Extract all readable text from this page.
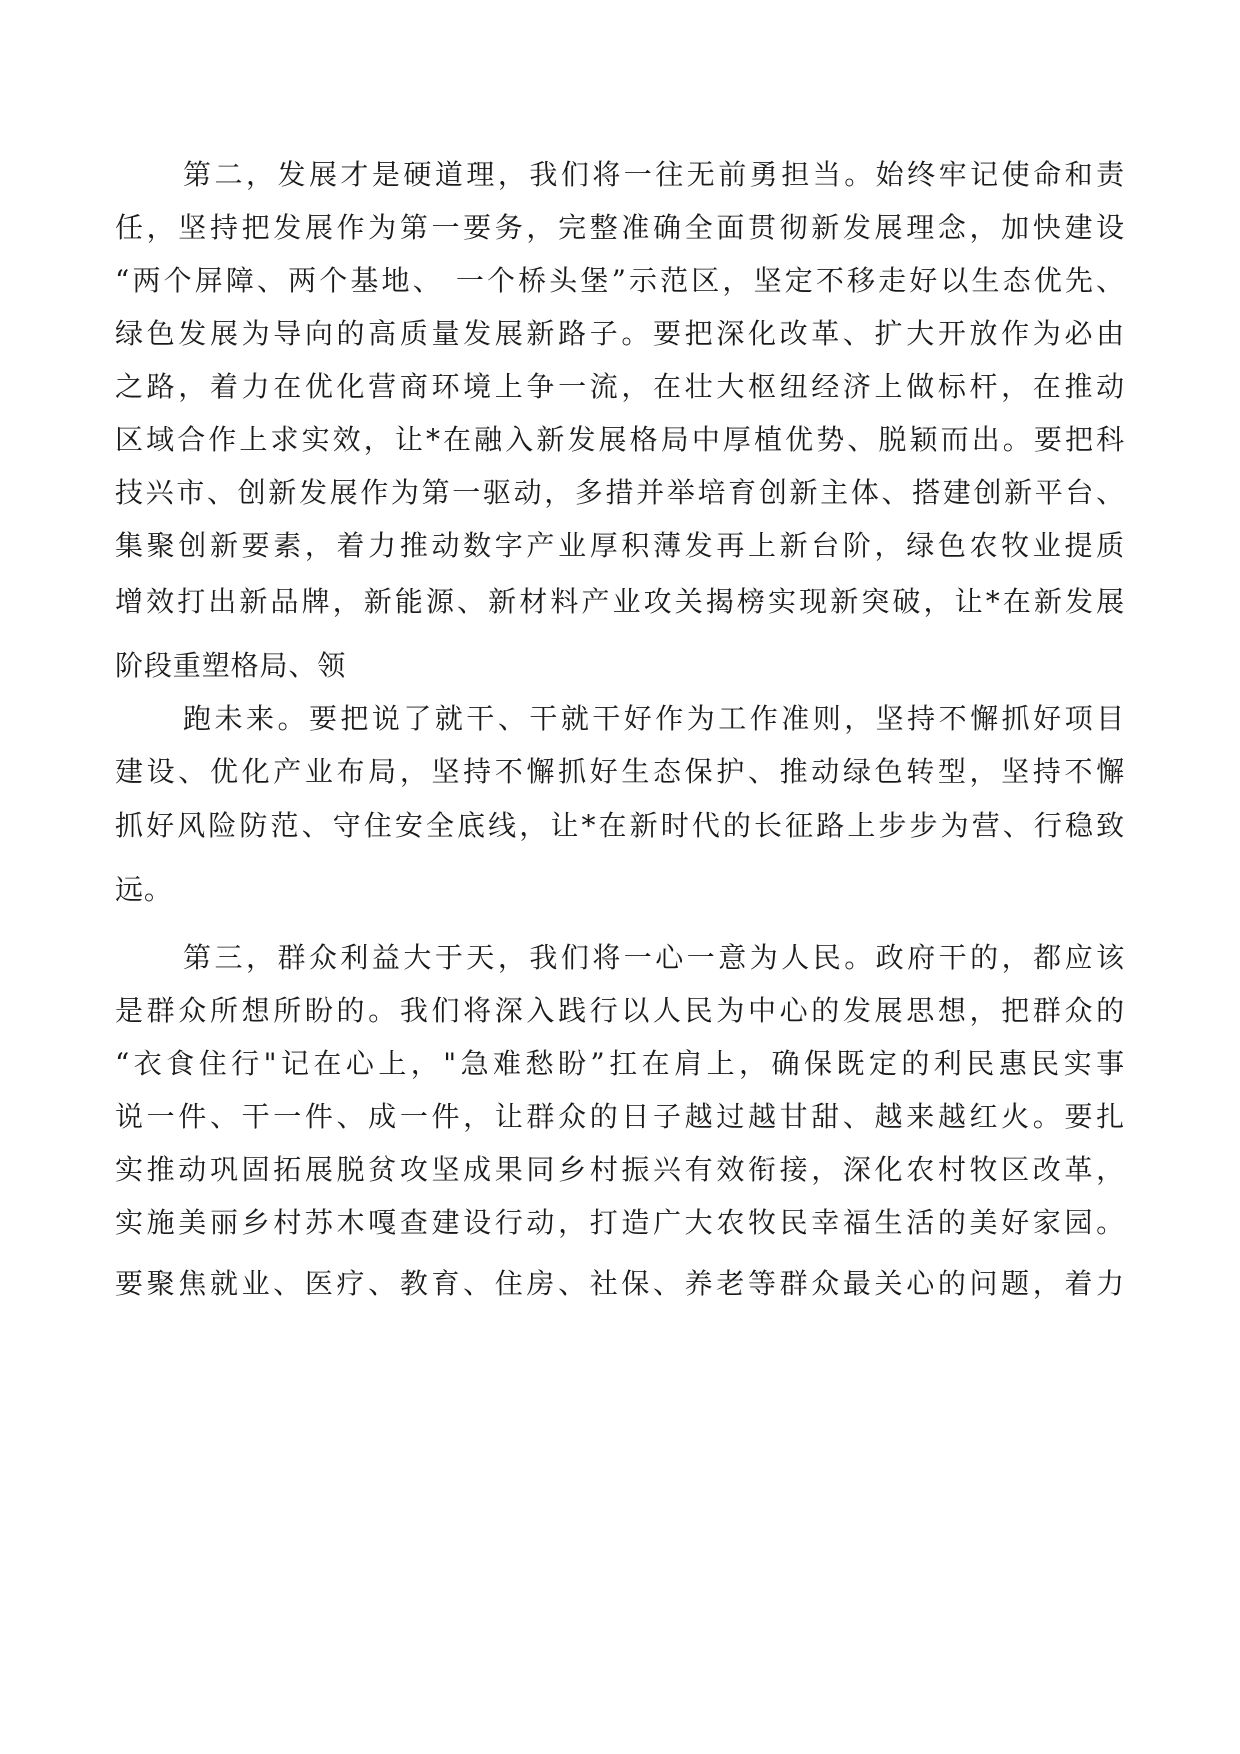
第二，发展才是硬道理，我们将一往无前勇担当。始终牢记使命和责
任，坚持把发展作为第一要务，完整准确全面贯彻新发展理念，加快建设
“两个屏障、两个基地、 一个桥头堡”示范区，坚定不移走好以生态优先、
绿色发展为导向的高质量发展新路子。要把深化改革、扩大开放作为必由
之路，着力在优化营商环境上争一流，在壮大枢纽经济上做标杆，在推动
区域合作上求实效，让*在融入新发展格局中厚植优势、脱颖而出。要把科
技兴市、创新发展作为第一驱动，多措并举培育创新主体、搭建创新平台、
集聚创新要素，着力推动数字产业厚积薄发再上新台阶，绿色农牧业提质
增效打出新品牌，新能源、新材料产业攻关揭榜实现新突破，让*在新发展
阶段重塑格局、领
跑未来。要把说了就干、干就干好作为工作准则，坚持不懈抓好项目
建设、优化产业布局，坚持不懈抓好生态保护、推动绿色转型，坚持不懈
抓好风险防范、守住安全底线，让*在新时代的长征路上步步为营、行稳致
远。
第三，群众利益大于天，我们将一心一意为人民。政府干的，都应该
是群众所想所盼的。我们将深入践行以人民为中心的发展思想，把群众的
“衣食住行"记在心上，"急难愁盼”扛在肩上，确保既定的利民惠民实事
说一件、干一件、成一件，让群众的日子越过越甘甜、越来越红火。要扎
实推动巩固拓展脱贫攻坚成果同乡村振兴有效衔接，深化农村牧区改革，
实施美丽乡村苏木嘎查建设行动，打造广大农牧民幸福生活的美好家园。
要聚焦就业、医疗、教育、住房、社保、养老等群众最关心的问题，着力
